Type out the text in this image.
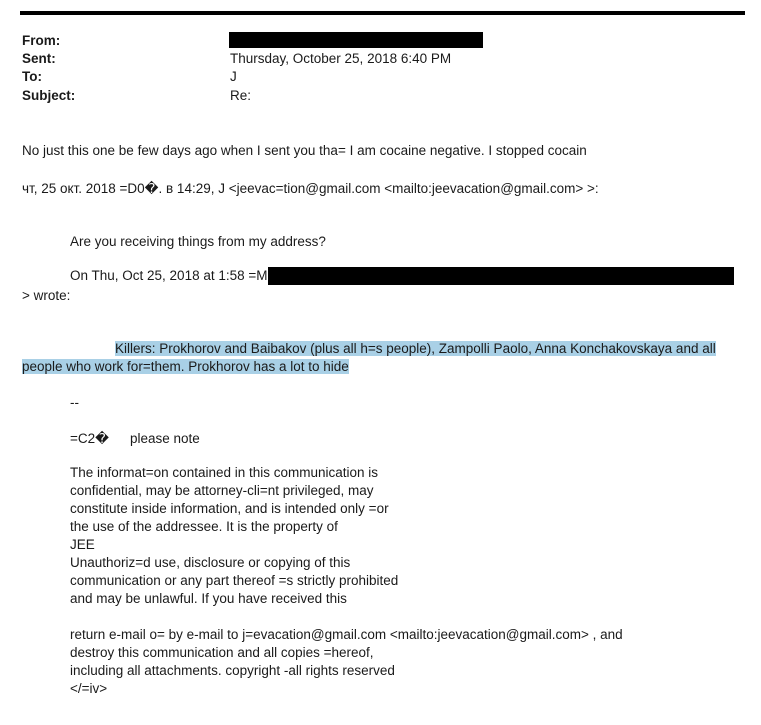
From:
Sent:	Thursday, October 25, 2018 6:40 PM
To:	J
Subject:	Re:
No just this one be few days ago when I sent you tha= I am cocaine negative. I stopped cocain
чт, 25 окт. 2018 =D0�. в 14:29, J <jeevac=tion@gmail.com <mailto:jeevacation@gmail.com> >:
Are you receiving things from my address?
On Thu, Oct 25, 2018 at 1:58 =M
> wrote:
Killers: Prokhorov and Baibakov (plus all h=s people), Zampolli Paolo, Anna Konchakovskaya and all
people who work for=them. Prokhorov has a lot to hide
--
=C2� please note
The informat=on contained in this communication is
confidential, may be attorney-cli=nt privileged, may
constitute inside information, and is intended only =or
the use of the addressee. It is the property of
JEE
Unauthoriz=d use, disclosure or copying of this
communication or any part thereof =s strictly prohibited
and may be unlawful. If you have received this
return e-mail o= by e-mail to j=evacation@gmail.com <mailto:jeevacation@gmail.com> , and
destroy this communication and all copies =hereof,
including all attachments. copyright -all rights reserved
</=iv>
